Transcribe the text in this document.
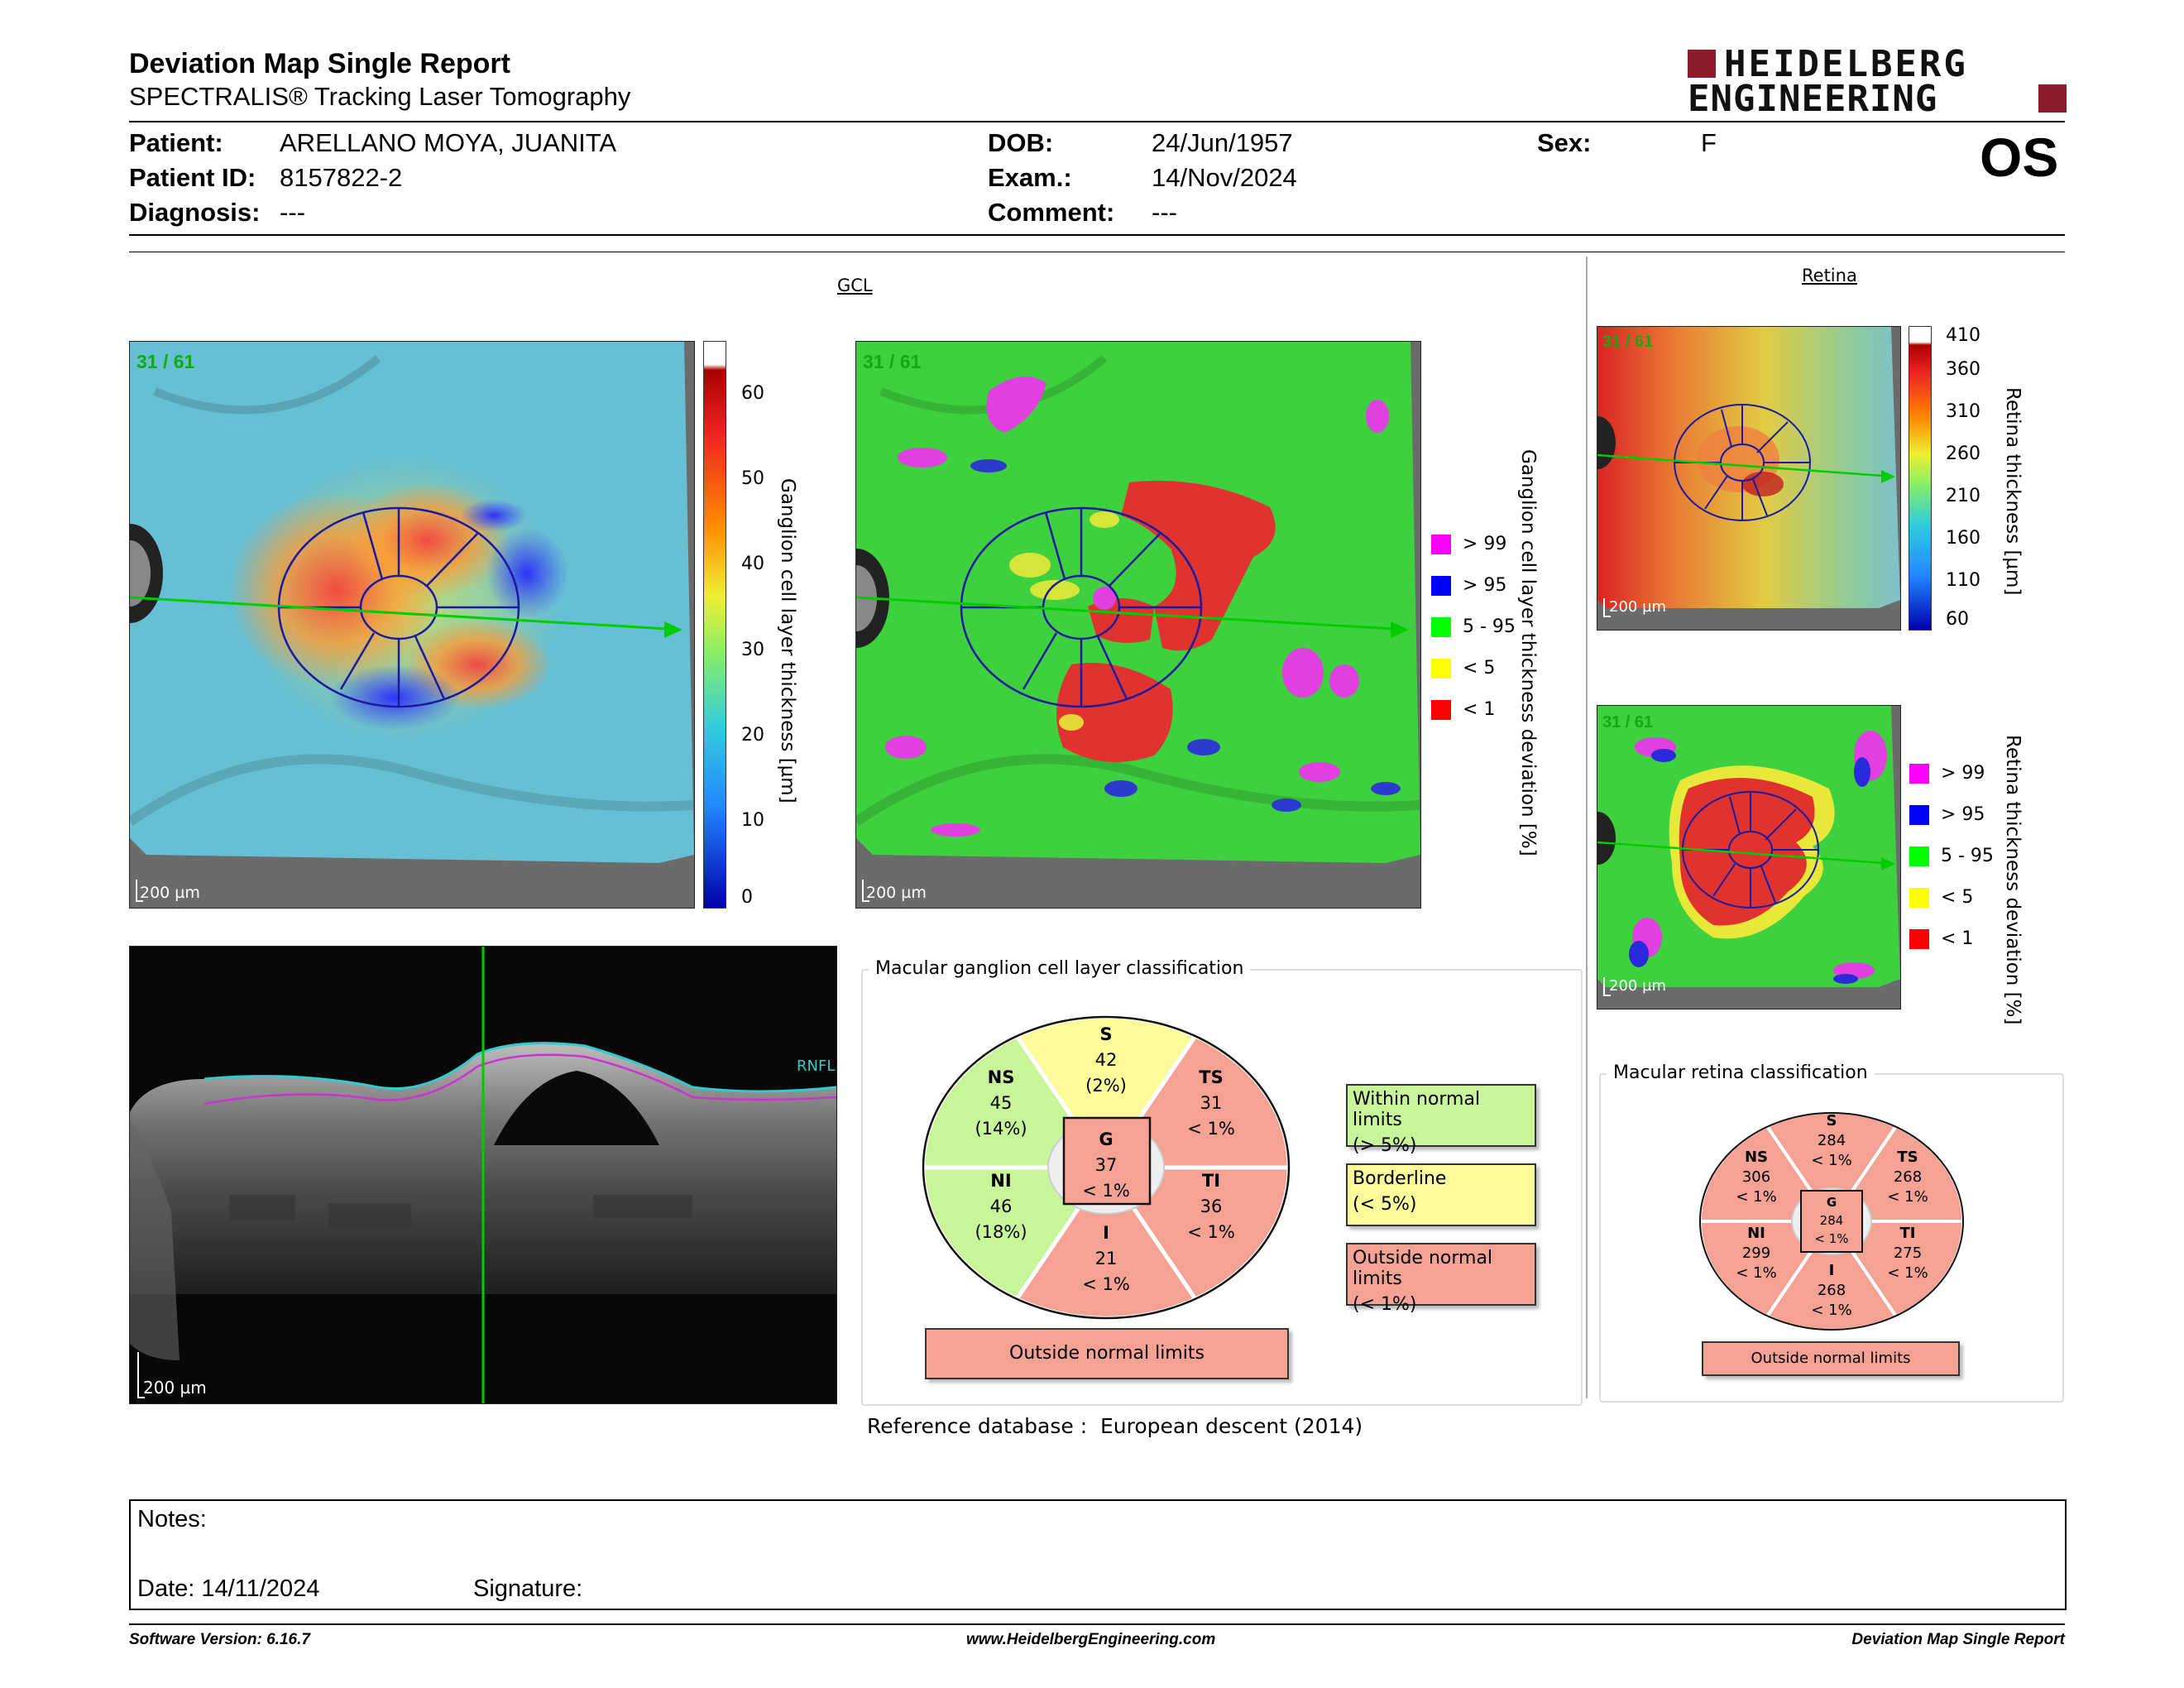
Deviation Map Single Report
SPECTRALIS® Tracking Laser Tomography
HEIDELBERG
ENGINEERING
Patient: ARELLANO MOYA, JUANITA
Patient ID: 8157822-2
Diagnosis: ---
DOB:	24/Jun/1957
Exam.:	14/Nov/2024
Comment: ---
Sex:	F	OS
GCL	Retina
31 / 61
200 µm
60
50
40
30
20
10
0
Ganglion cell layer thickness [µm]
31 / 61
200 µm
> 99
> 95
5 - 95
< 5
< 1 Ganglion cell layer thickness deviation [%]
31 / 61
200 µm
410
360
310
260
210
160
110
60
Retina thickness [µm]
31 / 61
200 µm
> 99
> 95
5 - 95
< 5
< 1 Retina thickness deviation [%]
RNFL
200 µm
Macular ganglion cell layer classification
S
42
(2%)
NS
45
(14%)
TS
31
< 1%
NI
46
(18%)
TI
36
< 1%
I
21
< 1%
G
37
< 1%
Outside normal limits
Within normal limits
(> 5%)
Borderline
(< 5%)
Outside normal limits
(< 1%)
Macular retina classification
S
284
< 1%
NS
306
< 1%
TS
268
< 1%
NI
299
< 1%
TI
275
< 1%
I
268
< 1%
G
284
< 1%
Outside normal limits
Reference database :  European descent (2014)
Notes:
Date: 14/11/2024	Signature:
Software Version: 6.16.7	www.HeidelbergEngineering.com	Deviation Map Single Report
